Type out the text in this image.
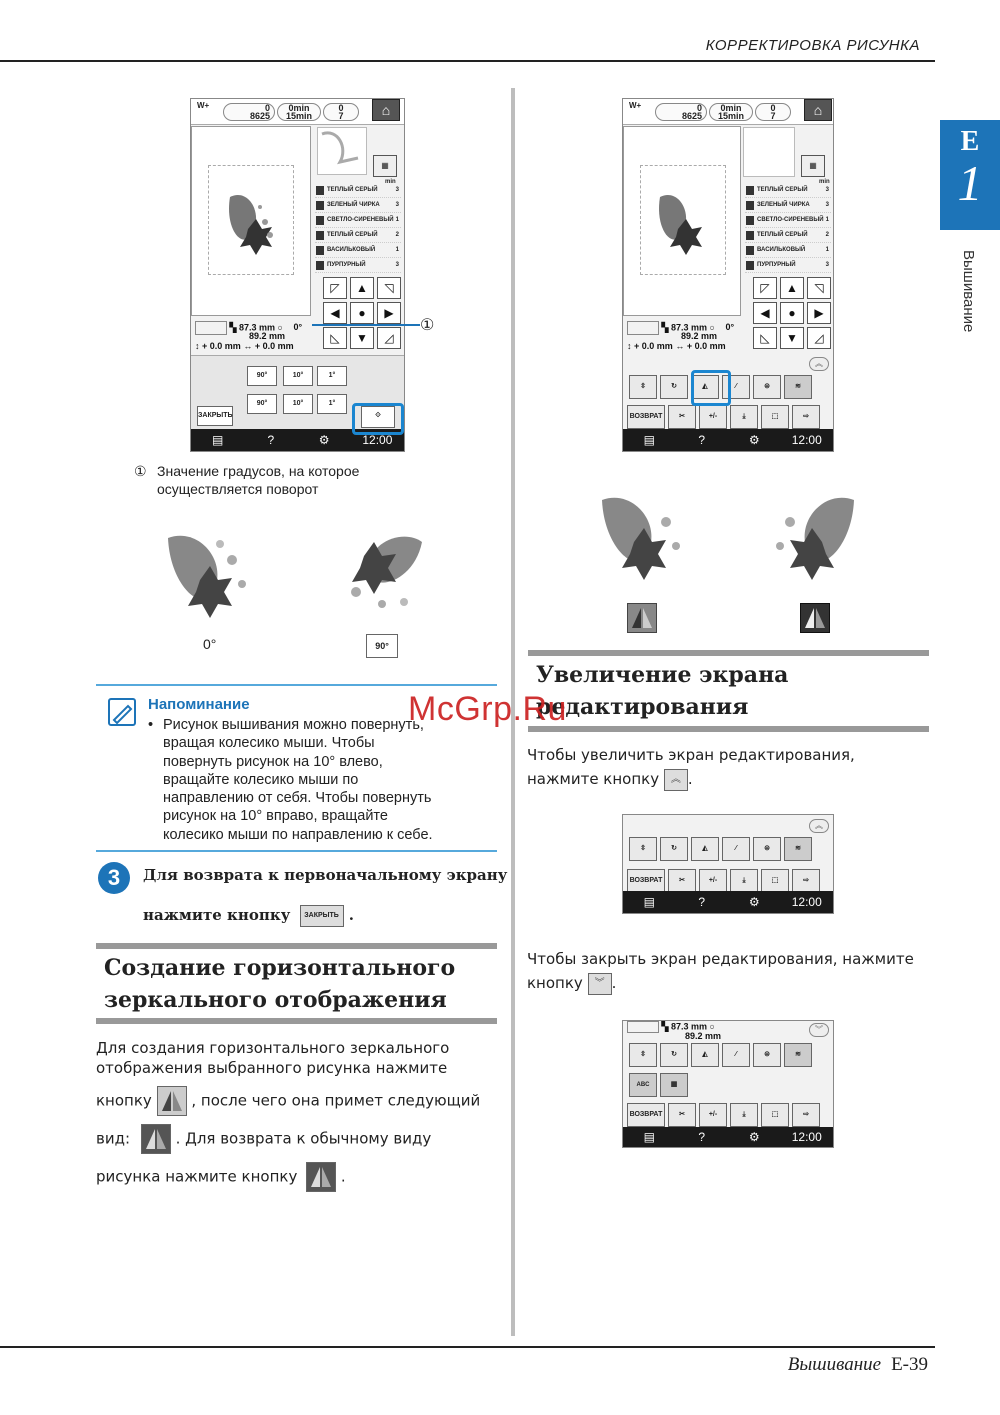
КОРРЕКТИРОВКА РИСУНКА
E
1
Вышивание
W+	0
8625
0min
15min
0
7
▦
min
ТЕПЛЫЙ СЕРЫЙ	3
ЗЕЛЕНЫЙ ЧИРКА	3
СВЕТЛО-СИРЕНЕВЫЙ 1
ТЕПЛЫЙ СЕРЫЙ	2
ВАСИЛЬКОВЫЙ	1
ПУРПУРНЫЙ	3
◸	▲	◹
◀	●	▶
◺	▼	◿
▚ 87.3 mm ○ 0°
89.2 mm
↕ + 0.0 mm ↔ + 0.0 mm
90°	10°	1°
90°	10°	1°
ЗАКРЫТЬ	⟐
▤	?	⚙	12:00
⌂
①
① Значение градусов, на которое осуществляется поворот
0°	90°
Напоминание
• Рисунок вышивания можно повернуть,
вращая колесико мыши. Чтобы
повернуть рисунок на 10° влево,
вращайте колесико мыши по
направлению от себя. Чтобы повернуть
рисунок на 10° вправо, вращайте
колесико мыши по направлению к себе.
3	Для возврата к первоначальному экрану
нажмите кнопку ЗАКРЫТЬ .
Создание горизонтального
зеркального отображения
Для создания горизонтального зеркального
отображения выбранного рисунка нажмите
кнопку	, после чего она примет следующий
вид:	. Для возврата к обычному виду
рисунка нажмите кнопку	.
W+	0
8625
0min
15min
0
7
▦
min
ТЕПЛЫЙ СЕРЫЙ	3
ЗЕЛЕНЫЙ ЧИРКА	3
СВЕТЛО-СИРЕНЕВЫЙ 1
ТЕПЛЫЙ СЕРЫЙ	2
ВАСИЛЬКОВЫЙ	1
ПУРПУРНЫЙ	3
◸	▲	◹
◀	●	▶
◺	▼	◿
▚ 87.3 mm ○ 0°
89.2 mm
↕ + 0.0 mm ↔ + 0.0 mm
︽
⇳	↻	◭	⁄	⊜	≋
ВОЗВРАТ	✂	+/-	⤓	⬚	⇨
▤	?	⚙	12:00
⌂
Увеличение экрана
редактирования
Чтобы увеличить экран редактирования,
нажмите кнопку ︽ .
︽
⇳	↻	◭	⁄	⊜	≋
ВОЗВРАТ	✂	+/-	⤓	⬚	⇨
▤	?	⚙	12:00
Чтобы закрыть экран редактирования, нажмите
кнопку ︾ .
▚ 87.3 mm ○
89.2 mm
︾
⇳	↻	◭	⁄	⊜	≋
ABC	▦
ВОЗВРАТ	✂	+/-	⤓	⬚	⇨
▤	?	⚙	12:00
McGrp.Ru
Вышивание E-39
